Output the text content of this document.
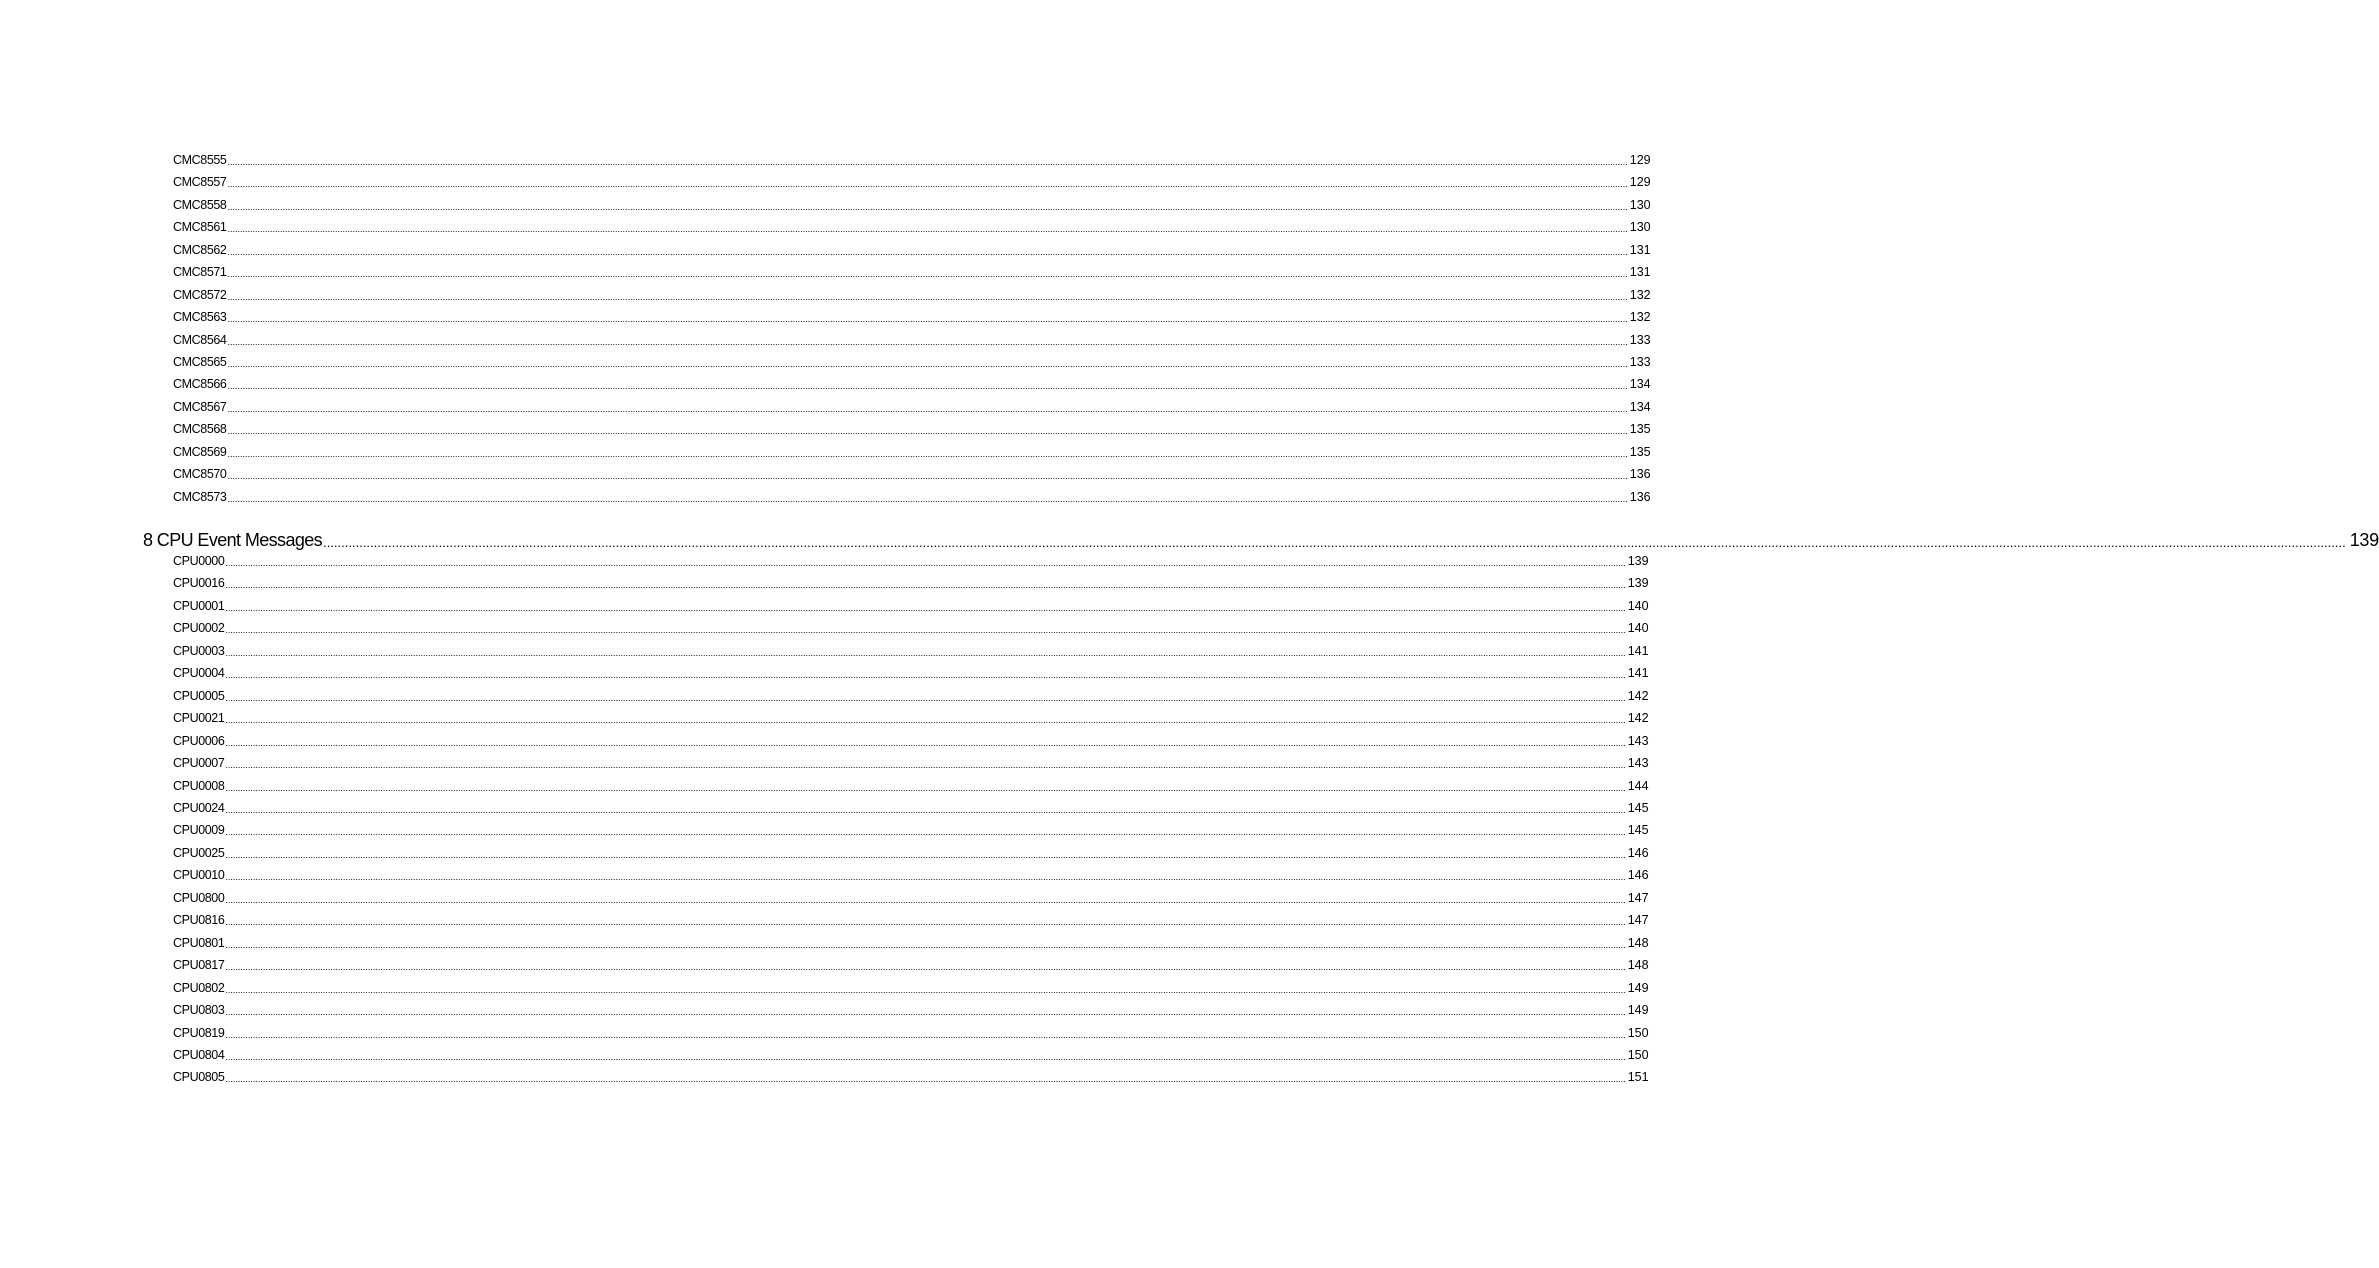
CMC8555 ................................................................................................................................................................................................................................................................................................................................................................................................................................................................................................................................................................................ 129
CMC8557 ................................................................................................................................................................................................................................................................................................................................................................................................................................................................................................................................................................................ 129
CMC8558 ................................................................................................................................................................................................................................................................................................................................................................................................................................................................................................................................................................................ 130
CMC8561 ................................................................................................................................................................................................................................................................................................................................................................................................................................................................................................................................................................................ 130
CMC8562 ................................................................................................................................................................................................................................................................................................................................................................................................................................................................................................................................................................................ 131
CMC8571 ................................................................................................................................................................................................................................................................................................................................................................................................................................................................................................................................................................................ 131
CMC8572 ................................................................................................................................................................................................................................................................................................................................................................................................................................................................................................................................................................................ 132
CMC8563 ................................................................................................................................................................................................................................................................................................................................................................................................................................................................................................................................................................................ 132
CMC8564 ................................................................................................................................................................................................................................................................................................................................................................................................................................................................................................................................................................................ 133
CMC8565 ................................................................................................................................................................................................................................................................................................................................................................................................................................................................................................................................................................................ 133
CMC8566 ................................................................................................................................................................................................................................................................................................................................................................................................................................................................................................................................................................................ 134
CMC8567 ................................................................................................................................................................................................................................................................................................................................................................................................................................................................................................................................................................................ 134
CMC8568 ................................................................................................................................................................................................................................................................................................................................................................................................................................................................................................................................................................................ 135
CMC8569 ................................................................................................................................................................................................................................................................................................................................................................................................................................................................................................................................................................................ 135
CMC8570 ................................................................................................................................................................................................................................................................................................................................................................................................................................................................................................................................................................................ 136
CMC8573 ................................................................................................................................................................................................................................................................................................................................................................................................................................................................................................................................................................................ 136
8 CPU Event Messages ................................................................................................................................................................................................................................................................................................................................................................................................................................................................................................................................................................................ 139
CPU0000 ................................................................................................................................................................................................................................................................................................................................................................................................................................................................................................................................................................................ 139
CPU0016 ................................................................................................................................................................................................................................................................................................................................................................................................................................................................................................................................................................................ 139
CPU0001 ................................................................................................................................................................................................................................................................................................................................................................................................................................................................................................................................................................................ 140
CPU0002 ................................................................................................................................................................................................................................................................................................................................................................................................................................................................................................................................................................................ 140
CPU0003 ................................................................................................................................................................................................................................................................................................................................................................................................................................................................................................................................................................................ 141
CPU0004 ................................................................................................................................................................................................................................................................................................................................................................................................................................................................................................................................................................................ 141
CPU0005 ................................................................................................................................................................................................................................................................................................................................................................................................................................................................................................................................................................................ 142
CPU0021 ................................................................................................................................................................................................................................................................................................................................................................................................................................................................................................................................................................................ 142
CPU0006 ................................................................................................................................................................................................................................................................................................................................................................................................................................................................................................................................................................................ 143
CPU0007 ................................................................................................................................................................................................................................................................................................................................................................................................................................................................................................................................................................................ 143
CPU0008 ................................................................................................................................................................................................................................................................................................................................................................................................................................................................................................................................................................................ 144
CPU0024 ................................................................................................................................................................................................................................................................................................................................................................................................................................................................................................................................................................................ 145
CPU0009 ................................................................................................................................................................................................................................................................................................................................................................................................................................................................................................................................................................................ 145
CPU0025 ................................................................................................................................................................................................................................................................................................................................................................................................................................................................................................................................................................................ 146
CPU0010 ................................................................................................................................................................................................................................................................................................................................................................................................................................................................................................................................................................................ 146
CPU0800 ................................................................................................................................................................................................................................................................................................................................................................................................................................................................................................................................................................................ 147
CPU0816 ................................................................................................................................................................................................................................................................................................................................................................................................................................................................................................................................................................................ 147
CPU0801 ................................................................................................................................................................................................................................................................................................................................................................................................................................................................................................................................................................................ 148
CPU0817 ................................................................................................................................................................................................................................................................................................................................................................................................................................................................................................................................................................................ 148
CPU0802 ................................................................................................................................................................................................................................................................................................................................................................................................................................................................................................................................................................................ 149
CPU0803 ................................................................................................................................................................................................................................................................................................................................................................................................................................................................................................................................................................................ 149
CPU0819 ................................................................................................................................................................................................................................................................................................................................................................................................................................................................................................................................................................................ 150
CPU0804 ................................................................................................................................................................................................................................................................................................................................................................................................................................................................................................................................................................................ 150
CPU0805 ................................................................................................................................................................................................................................................................................................................................................................................................................................................................................................................................................................................ 151
